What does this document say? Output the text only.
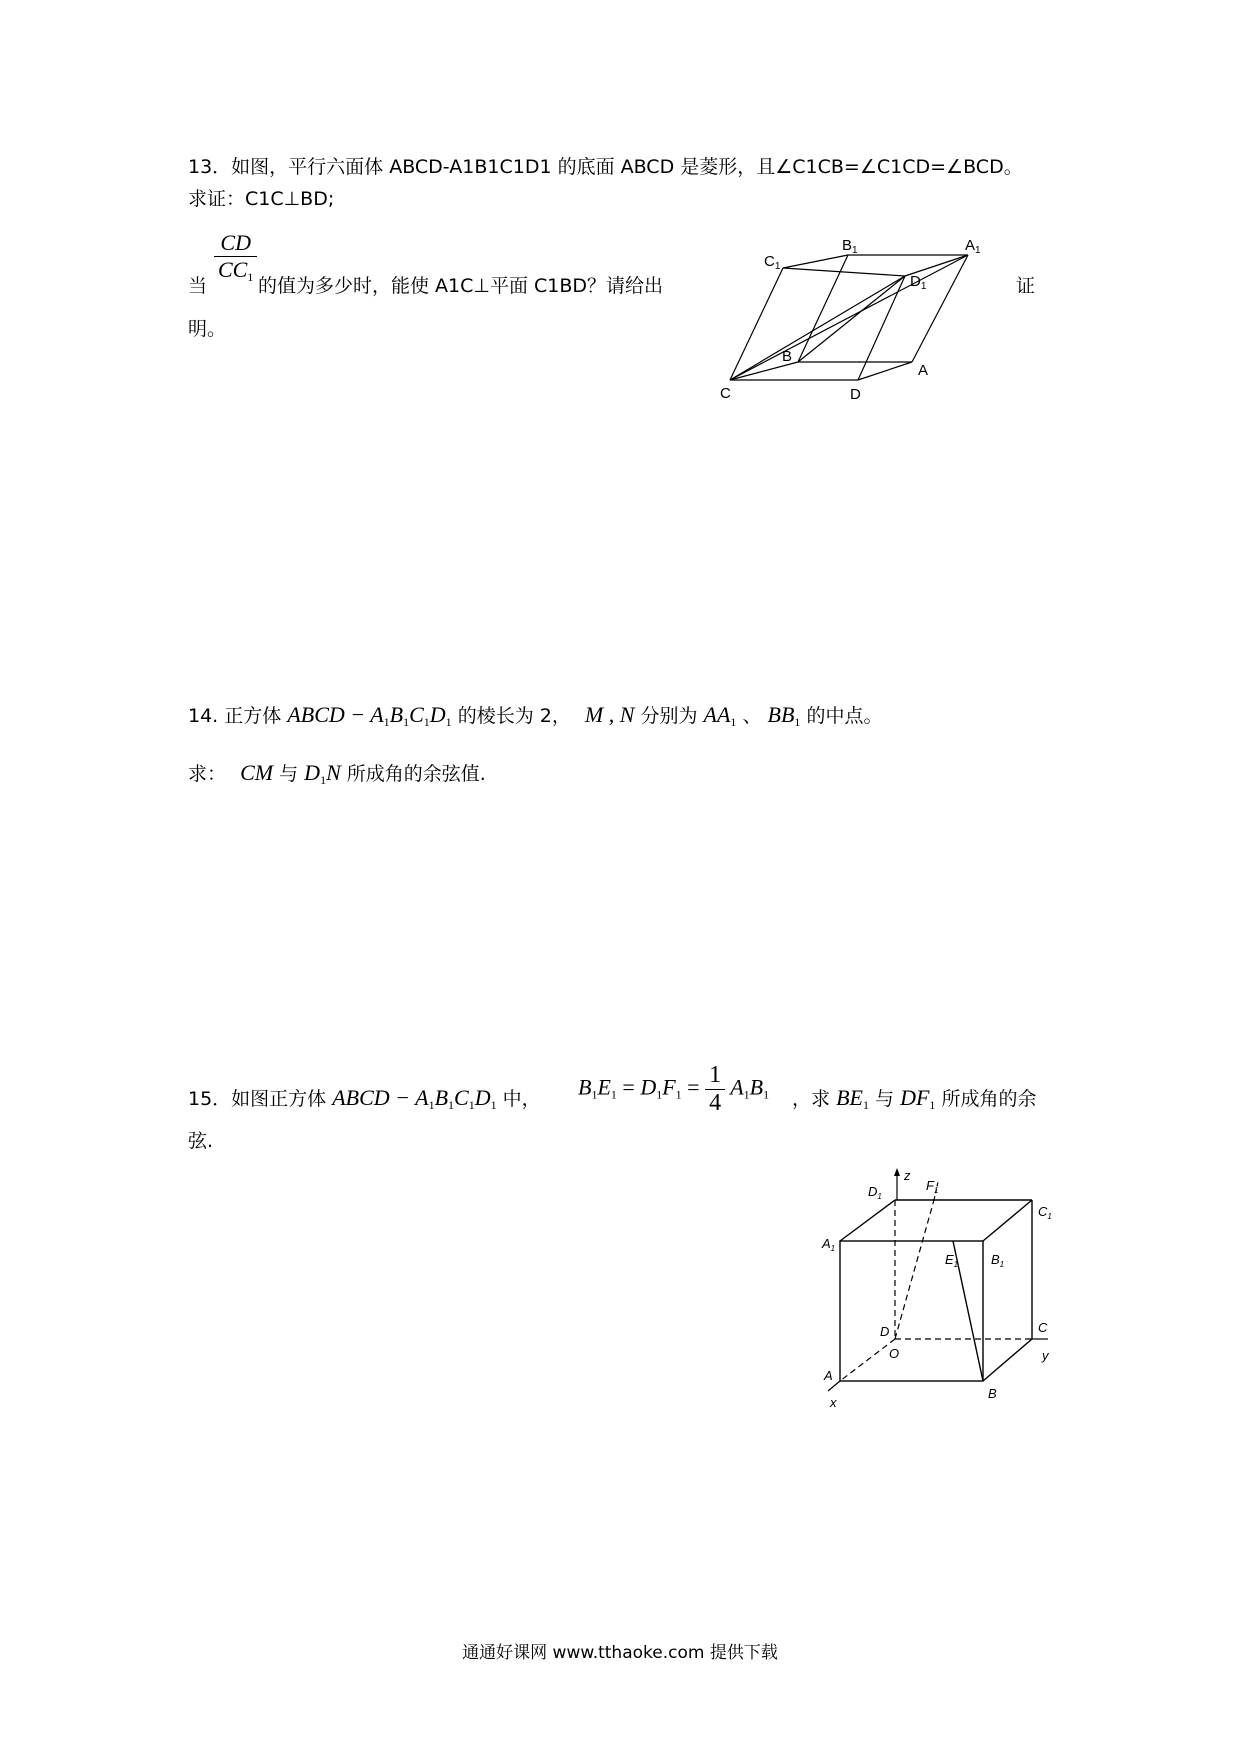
13．如图，平行六面体 ABCD-A1B1C1D1 的底面 ABCD 是菱形，且∠C1CB=∠C1CD=∠BCD。
求证：C1C⊥BD;
当
$\frac{CD}{CC_1}$
的值为多少时，能使 A1C⊥平面 C1BD？请给出	证
明。
$C_1$
$B_1$	$A_1$
$D_1$
B
A
C	D
14. 正方体 ABCD − $A_1B_1C_1D_1$ 的棱长为 2， M , N 分别为 $AA_1$ 、 $BB_1$ 的中点。
求： CM 与 $D_1N$ 所成角的余弦值.
15．如图正方体 ABCD − $A_1B_1C_1D_1$ 中， $B_1E_1 = D_1F_1 = \frac{1}{4} A_1B_1$ ，求 $BE_1$ 与 $DF_1$ 所成角的余
弦.
$D_1$
z
$F_1$
$C_1$
$A_1$
$E_1$	$B_1$
D
O
C
A
B
y
x
通通好课网 www.tthaoke.com 提供下载
